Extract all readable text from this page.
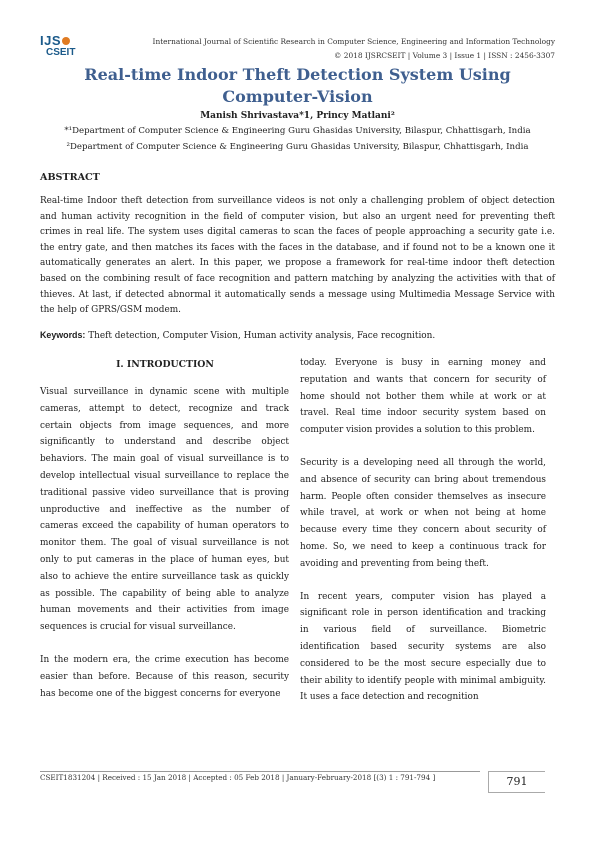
IJS
CSEIT
International Journal of Scientific Research in Computer Science, Engineering and Information Technology
© 2018 IJSRCSEIT | Volume 3 | Issue 1 | ISSN : 2456-3307
Real-time Indoor Theft Detection System Using Computer-Vision
Manish Shrivastava*1, Princy Matlani²
*¹Department of Computer Science & Engineering Guru Ghasidas University, Bilaspur, Chhattisgarh, India
²Department of Computer Science & Engineering Guru Ghasidas University, Bilaspur, Chhattisgarh, India
ABSTRACT
Real-time Indoor theft detection from surveillance videos is not only a challenging problem of object detection and human activity recognition in the field of computer vision, but also an urgent need for preventing theft crimes in real life. The system uses digital cameras to scan the faces of people approaching a security gate i.e. the entry gate, and then matches its faces with the faces in the database, and if found not to be a known one it automatically generates an alert. In this paper, we propose a framework for real-time indoor theft detection based on the combining result of face recognition and pattern matching by analyzing the activities with that of thieves. At last, if detected abnormal it automatically sends a message using Multimedia Message Service with the help of GPRS/GSM modem.
Keywords: Theft detection, Computer Vision, Human activity analysis, Face recognition.
I. INTRODUCTION

Visual surveillance in dynamic scene with multiple cameras, attempt to detect, recognize and track certain objects from image sequences, and more significantly to understand and describe object behaviors. The main goal of visual surveillance is to develop intellectual visual surveillance to replace the traditional passive video surveillance that is proving unproductive and ineffective as the number of cameras exceed the capability of human operators to monitor them. The goal of visual surveillance is not only to put cameras in the place of human eyes, but also to achieve the entire surveillance task as quickly as possible. The capability of being able to analyze human movements and their activities from image sequences is crucial for visual surveillance.

In the modern era, the crime execution has become easier than before. Because of this reason, security has become one of the biggest concerns for everyone

today. Everyone is busy in earning money and reputation and wants that concern for security of home should not bother them while at work or at travel. Real time indoor security system based on computer vision provides a solution to this problem.

Security is a developing need all through the world, and absence of security can bring about tremendous harm. People often consider themselves as insecure while travel, at work or when not being at home because every time they concern about security of home. So, we need to keep a continuous track for avoiding and preventing from being theft.

In recent years, computer vision has played a significant role in person identification and tracking in various field of surveillance. Biometric identification based security systems are also considered to be the most secure especially due to their ability to identify people with minimal ambiguity. It uses a face detection and recognition

CSEIT1831204 | Received : 15 Jan 2018 | Accepted : 05 Feb 2018 | January-February-2018 [(3) 1 : 791-794 ]	791
